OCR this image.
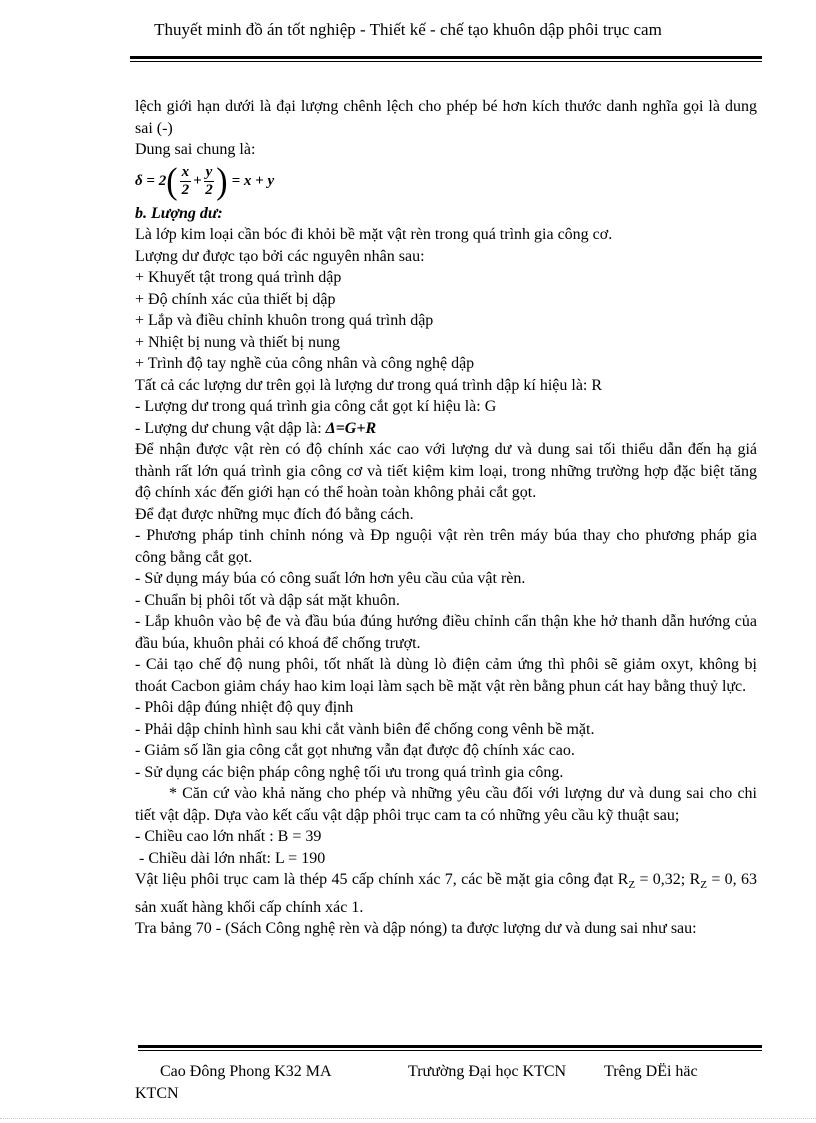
Thuyết minh đồ án tốt nghiệp - Thiết kế - chế tạo khuôn dập phôi trục cam

lệch giới hạn dưới là đại lượng chênh lệch cho phép bé hơn kích thước danh nghĩa gọi là dung sai (-)

Dung sai chung là:

δ = 2 ( $\frac{x}{2} + \frac{y}{2}$ ) = x + y

b. Lượng dư:

Là lớp kim loại cần bóc đi khỏi bề mặt vật rèn trong quá trình gia công cơ.

Lượng dư được tạo bởi các nguyên nhân sau:

+ Khuyết tật trong quá trình dập

+ Độ chính xác của thiết bị dập

+ Lắp và điều chỉnh khuôn trong quá trình dập

+ Nhiệt bị nung và thiết bị nung

+ Trình độ tay nghề của công nhân và công nghệ dập

Tất cả các lượng dư trên gọi là lượng dư trong quá trình dập kí hiệu là: R

- Lượng dư trong quá trình gia công cắt gọt kí hiệu là: G

- Lượng dư chung vật dập là: Δ=G+R

Để nhận được vật rèn có độ chính xác cao với lượng dư và dung sai tối thiểu dẫn đến hạ giá thành rất lớn quá trình gia công cơ và tiết kiệm kim loại, trong những trường hợp đặc biệt tăng độ chính xác đến giới hạn có thể hoàn toàn không phải cắt gọt.

Để đạt được những mục đích đó bằng cách.

- Phương pháp tinh chỉnh nóng và Đp nguội vật rèn trên máy búa thay cho phương pháp gia công bằng cắt gọt.

- Sử dụng máy búa có công suất lớn hơn yêu cầu của vật rèn.

- Chuẩn bị phôi tốt và dập sát mặt khuôn.

- Lắp khuôn vào bệ đe và đầu búa đúng hướng điều chỉnh cẩn thận khe hở thanh dẫn hướng của đầu búa, khuôn phải có khoá để chống trượt.

- Cải tạo chế độ nung phôi, tốt nhất là dùng lò điện cảm ứng thì phôi sẽ giảm oxyt, không bị thoát Cacbon giảm cháy hao kim loại làm sạch bề mặt vật rèn bằng phun cát hay bằng thuỷ lực.

- Phôi dập đúng nhiệt độ quy định

- Phải dập chỉnh hình sau khi cắt vành biên để chống cong vênh bề mặt.

- Giảm số lần gia công cắt gọt nhưng vẫn đạt được độ chính xác cao.

- Sử dụng các biện pháp công nghệ tối ưu trong quá trình gia công.

* Căn cứ vào khả năng cho phép và những yêu cầu đối với lượng dư và dung sai cho chi tiết vật dập. Dựa vào kết cấu vật dập phôi trục cam ta có những yêu cầu kỹ thuật sau;

- Chiều cao lớn nhất : B = 39

- Chiều dài lớn nhất: L = 190

Vật liệu phôi trục cam là thép 45 cấp chính xác 7, các bề mặt gia công đạt $R_Z = 0,32$; $R_Z = 0$, 63 sản xuất hàng khối cấp chính xác 1.

Tra bảng 70 - (Sách Công nghệ rèn và dập nóng) ta được lượng dư và dung sai như sau:

Cao Đông Phong K32 MA	Trưường Đại học KTCN Trêng DËi häc
KTCN
